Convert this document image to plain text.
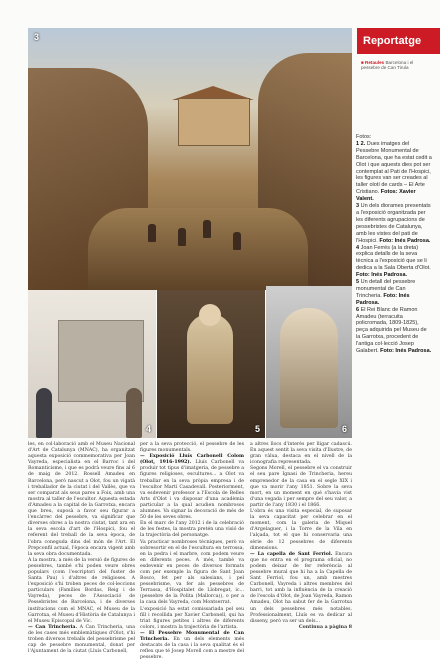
Reportatge
■ Retaules Barcelona i el pessebre de Can Tirula
3
4	5	6
Fotos:
1 2. Dues imatges del Pessebre Monumental de Barcelona, que ha estat cedit a Olot i que aquests dies pot ser contemplat al Pati de l'Hospici, les figures van ser creades al taller olotí de cards – El Arte Cristiano. Fotos: Xavier Valent.
3 Un dels diorames presentats a l'exposició organitzada per les diferents agrupacions de pessebristes de Catalunya, amb les vistes del pati de l'Hospici. Foto: Inés Padrosa.
4 Joan Ferrés (a la dreta) explica detalls de la seva tècnica a l'exposició que se li dedica a la Sala Oberta d'Olot. Foto: Inés Padrosa.
5 Un detall del pessebre monumental de Can Trincheria. Foto: Inés Padrosa.
6 El Rei Blanc de Ramon Amadeu (terracuita policromada, 1809-1825), peça adquirida pel Museu de la Garrotxa, procedent de l'antiga col·lecció Josep Galabert. Foto: Inés Padrosa.

les, en col·laboració amb el Museu Nacional d'Art de Catalunya (MNAC), ha organitzat aquesta exposició commemorativa per Joan Vayreda, especialista en el Barroc i del Romanticisme, i que es podrà veure fins al 6 de maig de 2012. Rossell Amadeu en Barcelona, però nascut a Olot, fou un vigatà i treballador de la ciutat i del Vallès, que va ser comparat als seus pares a Foix, amb una mostra al taller de l'escultor. Aquesta estada d'Amadeu a la capital de la Garrotxa, encara que breu, suposà a favor seu figurar a l'encàrrec del pessebre, va significar que diverses obres a la nostra ciutat, tant ara en la seva escola d'art de l'Hospici, fou el referent del treball de la seva època, de l'obra coneguda dins del món de l'Art. El Prepconfil actual, l'època encara vigent amb la seva obra documentada.

A la mostra, a més de la versió de figures de pessebres, també s'hi poden veure obres populars (com l'escriptori del fuster de Santa Pau) i d'altres de religioses. A l'exposició s'hi troben peces de col·leccions particulars (Famílies Bordas, Reig i de Vayreda), peces de l'Associació de Pessebristes de Barcelona, i de diverses institucions com el MNAC, el Museu de la Garrotxa, el Museu d'Història de Catalunya i el Museu Episcopal de Vic.

— Can Trincheria. A Can Trincheria, una de les cases més emblemàtiques d'Olot, s'hi troben diversos treballs del pessebrisme pel cap de pessebre monumental, donat per l'Ajuntament de la ciutat (Lluís Carbonell,

per a la seva protecció, el pessebre de les figures monumentals.

— Exposició Lluís Carbonell Colom (Olot, 1916-1992). Lluís Carbonell va produir tot tipus d'imatgeria, de pessebre a figures religioses, escultures... a Olot va treballar en la seva pròpia empresa i de l'escultor Martí Casadevall. Posteriorment, va esdevenir professor a l'Escola de Belles Arts d'Olot i va disposar d'una acadèmia particular a la qual acudien nombrosos alumnes. Va signar la decoració de més de 50 de les seves obres.

En el marc de l'any 2012 i de la celebració de les festes, la mostra pretén una visió de la trajectòria del personatge.

Va practicar nombroses tècniques, però va sobresortir en el de l'escultura en terrossa, en la pedra i el marbre, com podem veure en diferents peces. A més, també va esdevenir en peces de diversos formats com per exemple la figura de Sant Joan Bosco, fet per als salesians, i pel pessebrisme, va fer als pessebres de Terrassa, d'Hospitalet de Llobregat, ic... (pessebre de la Polita (Mallorca)), o per a la casa dels Vayreda, com Montserrat.

L'exposició ha estat comissariada pel seu fill i recollida per Xavier Carbonell, qui ha triat figures petites i altres de diferents colors, i mostra la trajectòria de l'artista.

— El Pessebre Monumental de Can Trincheria. En un dels elements més destacats de la casa i la seva qualitat és el reflex que té Josep Morell com a mestre del pessebre.

a altres llocs d'interès per lligar cadascú. En aquest sentit la seva visita d'Ilustre, de gran vàlua, destaca en el nivell de la iconografia representada.

Segons Morell, el pessebre el va construir el seu pare Ignasi de Trincheria, hereu emprenedor de la casa en el segle XIX i que va morir l'any 1851. Sobre la seva mort, en un moment en què s'havia vist d'una vegada i per sempre del seu valor, a partir de l'any 1830 i el 1866.

L'obra és una visita especial, de suposar la seva capacitat per celebrar en el moment, com la galeria de Miquel d'Argelaguer, i la Torre de la Vila en l'alçada, tot el que hi conservaria una sèrie de 12 pessebres de diferents dimensions.

— La capella de Sant Ferriol. Encara que no entra en el programa oficial, no podem deixar de fer referència al pessebre mural que hi ha a la Capella de Sant Ferriol, fou un, amb mestres Carbonell, Vayreda i altres membres del barri, tot amb la influència de la creació de l'escola d'Olot, de Joan Vayreda, Ramon Amadeu, Olot ha sabut fer de la Garrotxa un dels pessebres més notables. Professionalment, Lluís es va dedicar al disseny, però va ser un dels...

Continua a pàgina 8
